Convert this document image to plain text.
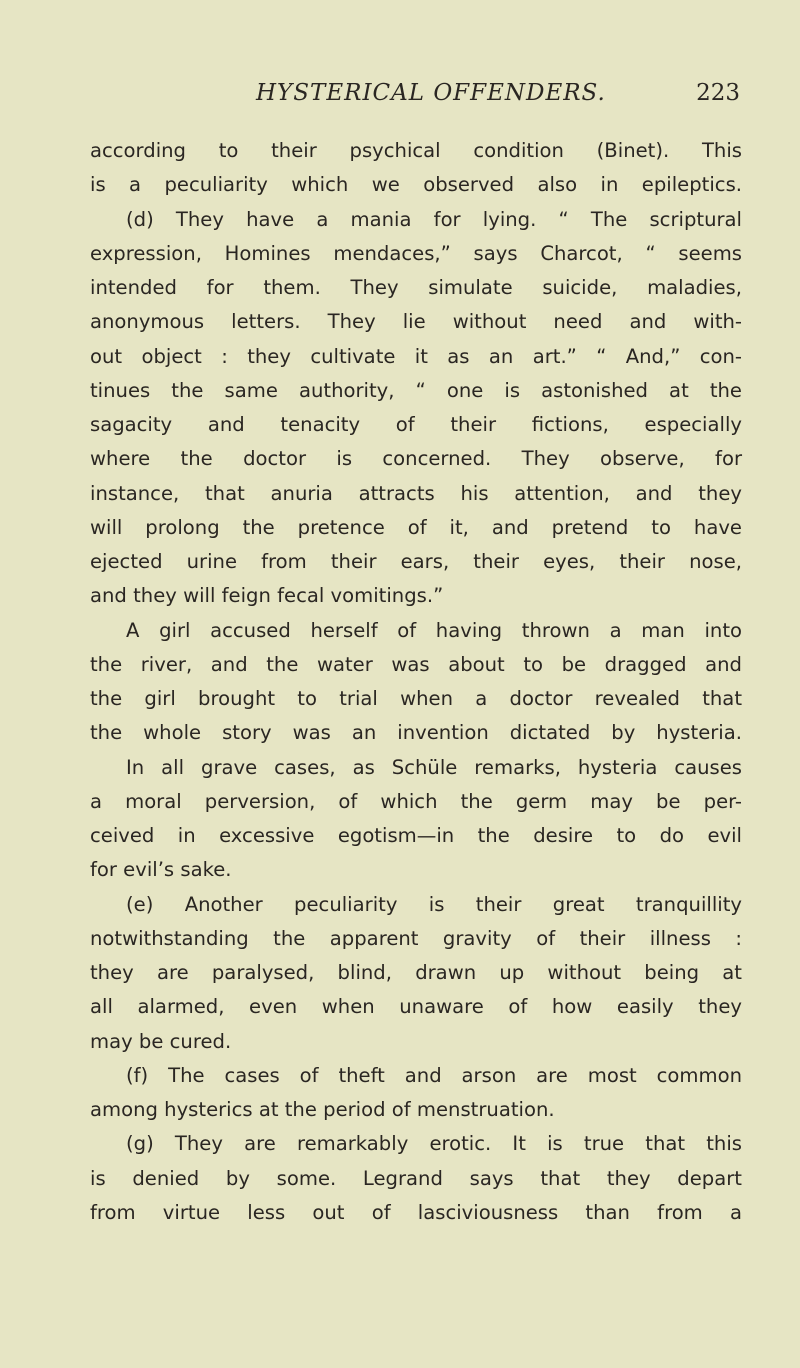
HYSTERICAL OFFENDERS.	223
according to their psychical condition (Binet). This
is a peculiarity which we observed also in epileptics.
(d) They have a mania for lying. “ The scriptural
expression, Homines mendaces,” says Charcot, “ seems
intended for them. They simulate suicide, maladies,
anonymous letters. They lie without need and with-
out object : they cultivate it as an art.” “ And,” con-
tinues the same authority, “ one is astonished at the
sagacity and tenacity of their fictions, especially
where the doctor is concerned. They observe, for
instance, that anuria attracts his attention, and they
will prolong the pretence of it, and pretend to have
ejected urine from their ears, their eyes, their nose,
and they will feign fecal vomitings.”
A girl accused herself of having thrown a man into
the river, and the water was about to be dragged and
the girl brought to trial when a doctor revealed that
the whole story was an invention dictated by hysteria.
In all grave cases, as Schüle remarks, hysteria causes
a moral perversion, of which the germ may be per-
ceived in excessive egotism—in the desire to do evil
for evil’s sake.
(e) Another peculiarity is their great tranquillity
notwithstanding the apparent gravity of their illness :
they are paralysed, blind, drawn up without being at
all alarmed, even when unaware of how easily they
may be cured.
(f) The cases of theft and arson are most common
among hysterics at the period of menstruation.
(g) They are remarkably erotic. It is true that this
is denied by some. Legrand says that they depart
from virtue less out of lasciviousness than from a
